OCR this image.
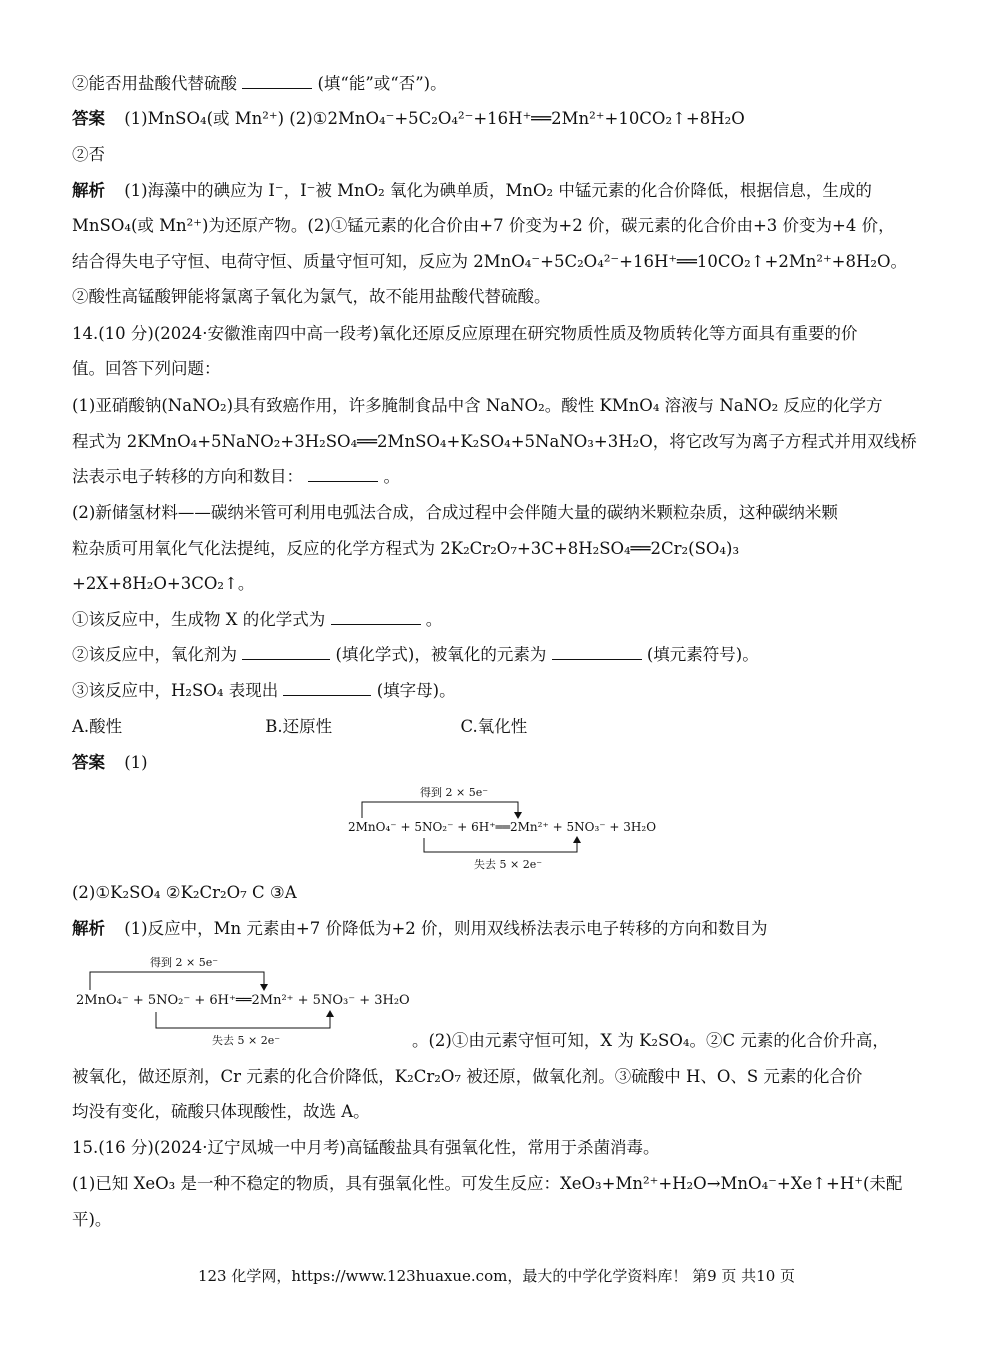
②能否用盐酸代替硫酸	(填“能”或“否”)。
答案 (1)MnSO₄(或 Mn²⁺) (2)①2MnO₄⁻+5C₂O₄²⁻+16H⁺══2Mn²⁺+10CO₂↑+8H₂O
②否
解析 (1)海藻中的碘应为 I⁻，I⁻被 MnO₂ 氧化为碘单质，MnO₂ 中锰元素的化合价降低，根据信息，生成的
MnSO₄(或 Mn²⁺)为还原产物。(2)①锰元素的化合价由+7 价变为+2 价，碳元素的化合价由+3 价变为+4 价，
结合得失电子守恒、电荷守恒、质量守恒可知，反应为 2MnO₄⁻+5C₂O₄²⁻+16H⁺══10CO₂↑+2Mn²⁺+8H₂O。
②酸性高锰酸钾能将氯离子氧化为氯气，故不能用盐酸代替硫酸。
14.(10 分)(2024·安徽淮南四中高一段考)氧化还原反应原理在研究物质性质及物质转化等方面具有重要的价
值。回答下列问题：
(1)亚硝酸钠(NaNO₂)具有致癌作用，许多腌制食品中含 NaNO₂。酸性 KMnO₄ 溶液与 NaNO₂ 反应的化学方
程式为 2KMnO₄+5NaNO₂+3H₂SO₄══2MnSO₄+K₂SO₄+5NaNO₃+3H₂O，将它改写为离子方程式并用双线桥
法表示电子转移的方向和数目：	。
(2)新储氢材料——碳纳米管可利用电弧法合成，合成过程中会伴随大量的碳纳米颗粒杂质，这种碳纳米颗
粒杂质可用氧化气化法提纯，反应的化学方程式为 2K₂Cr₂O₇+3C+8H₂SO₄══2Cr₂(SO₄)₃
+2X+8H₂O+3CO₂↑。
①该反应中，生成物 X 的化学式为	。
②该反应中，氧化剂为	(填化学式)，被氧化的元素为	(填元素符号)。
③该反应中，H₂SO₄ 表现出	(填字母)。
A.酸性	B.还原性	C.氧化性
答案 (1)
得到 2 × 5e⁻
2MnO₄⁻ + 5NO₂⁻ + 6H⁺══2Mn²⁺ + 5NO₃⁻ + 3H₂O
失去 5 × 2e⁻
(2)①K₂SO₄ ②K₂Cr₂O₇ C ③A
解析 (1)反应中，Mn 元素由+7 价降低为+2 价，则用双线桥法表示电子转移的方向和数目为
得到 2 × 5e⁻
2MnO₄⁻ + 5NO₂⁻ + 6H⁺══2Mn²⁺ + 5NO₃⁻ + 3H₂O
失去 5 × 2e⁻	。(2)①由元素守恒可知，X 为 K₂SO₄。②C 元素的化合价升高，
被氧化，做还原剂，Cr 元素的化合价降低，K₂Cr₂O₇ 被还原，做氧化剂。③硫酸中 H、O、S 元素的化合价
均没有变化，硫酸只体现酸性，故选 A。
15.(16 分)(2024·辽宁凤城一中月考)高锰酸盐具有强氧化性，常用于杀菌消毒。
(1)已知 XeO₃ 是一种不稳定的物质，具有强氧化性。可发生反应：XeO₃+Mn²⁺+H₂O→MnO₄⁻+Xe↑+H⁺(未配
平)。
123 化学网，https://www.123huaxue.com，最大的中学化学资料库！ 第9 页 共10 页
